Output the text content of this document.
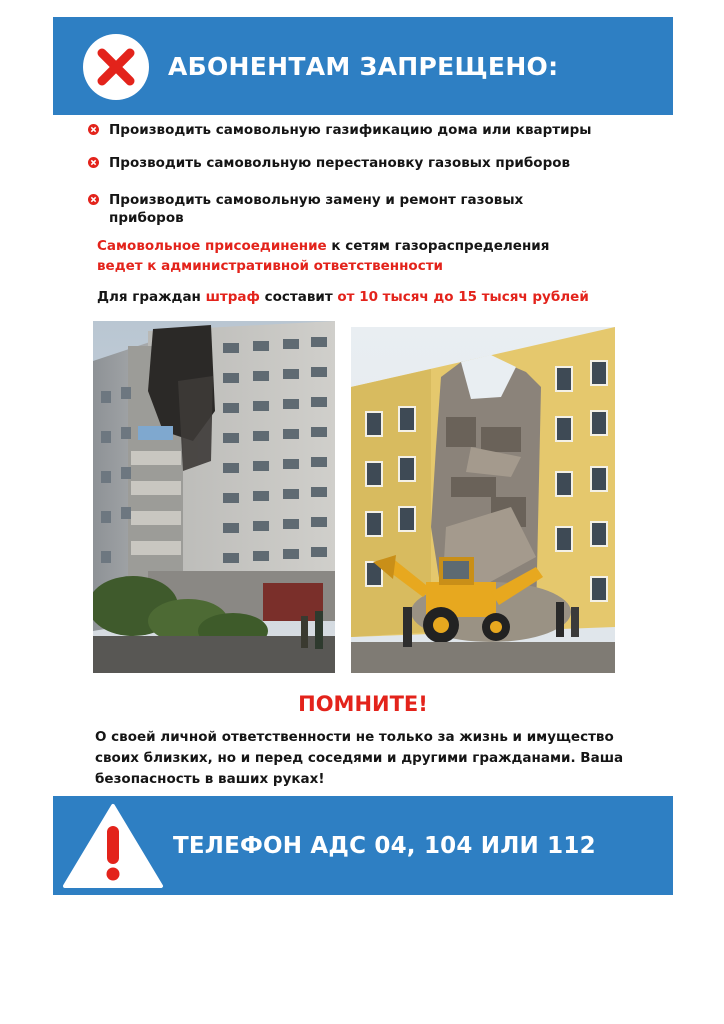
АБОНЕНТАМ ЗАПРЕЩЕНО:
Производить самовольную газификацию дома или квартиры
Прозводить самовольную перестановку газовых приборов
Производить самовольную замену и ремонт газовых приборов
Самовольное присоединение к сетям газораспределения
ведет к административной ответственности
Для граждан штраф составит от 10 тысяч до 15 тысяч рублей
ПОМНИТЕ!
О своей личной ответственности не только за жизнь и имущество своих близких, но и перед соседями и другими гражданами. Ваша безопасность в ваших руках!
ТЕЛЕФОН АДС 04, 104 ИЛИ 112
